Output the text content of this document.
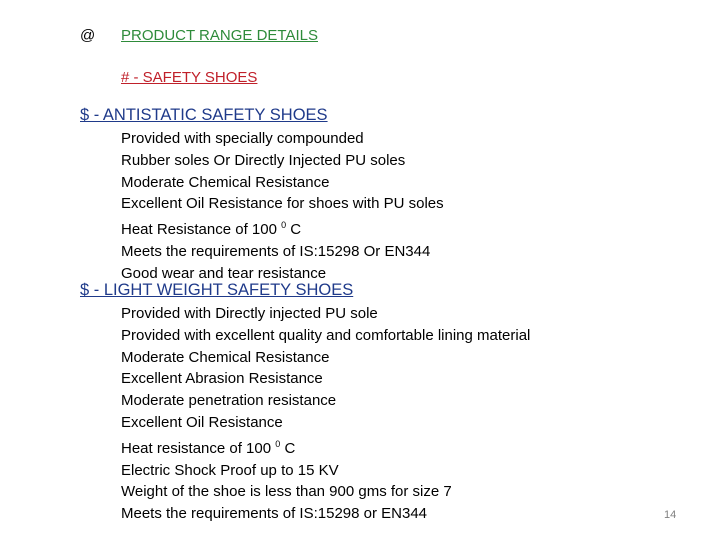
@ PRODUCT RANGE DETAILS
# - SAFETY SHOES
$ - ANTISTATIC SAFETY SHOES
Provided with specially compounded
Rubber soles Or Directly Injected PU soles
Moderate Chemical Resistance
Excellent Oil Resistance for shoes with PU soles
Heat Resistance of 100 $^0$ C
Meets the requirements of IS:15298 Or EN344
Good wear and tear resistance
$ - LIGHT WEIGHT SAFETY SHOES
Provided with Directly injected PU sole
Provided with excellent quality and comfortable lining material
Moderate Chemical Resistance
Excellent Abrasion Resistance
Moderate penetration resistance
Excellent Oil Resistance
Heat resistance of 100 $^0$ C
Electric Shock Proof up to 15 KV
Weight of the shoe is less than 900 gms for size 7
Meets the requirements of IS:15298 or EN344	14
